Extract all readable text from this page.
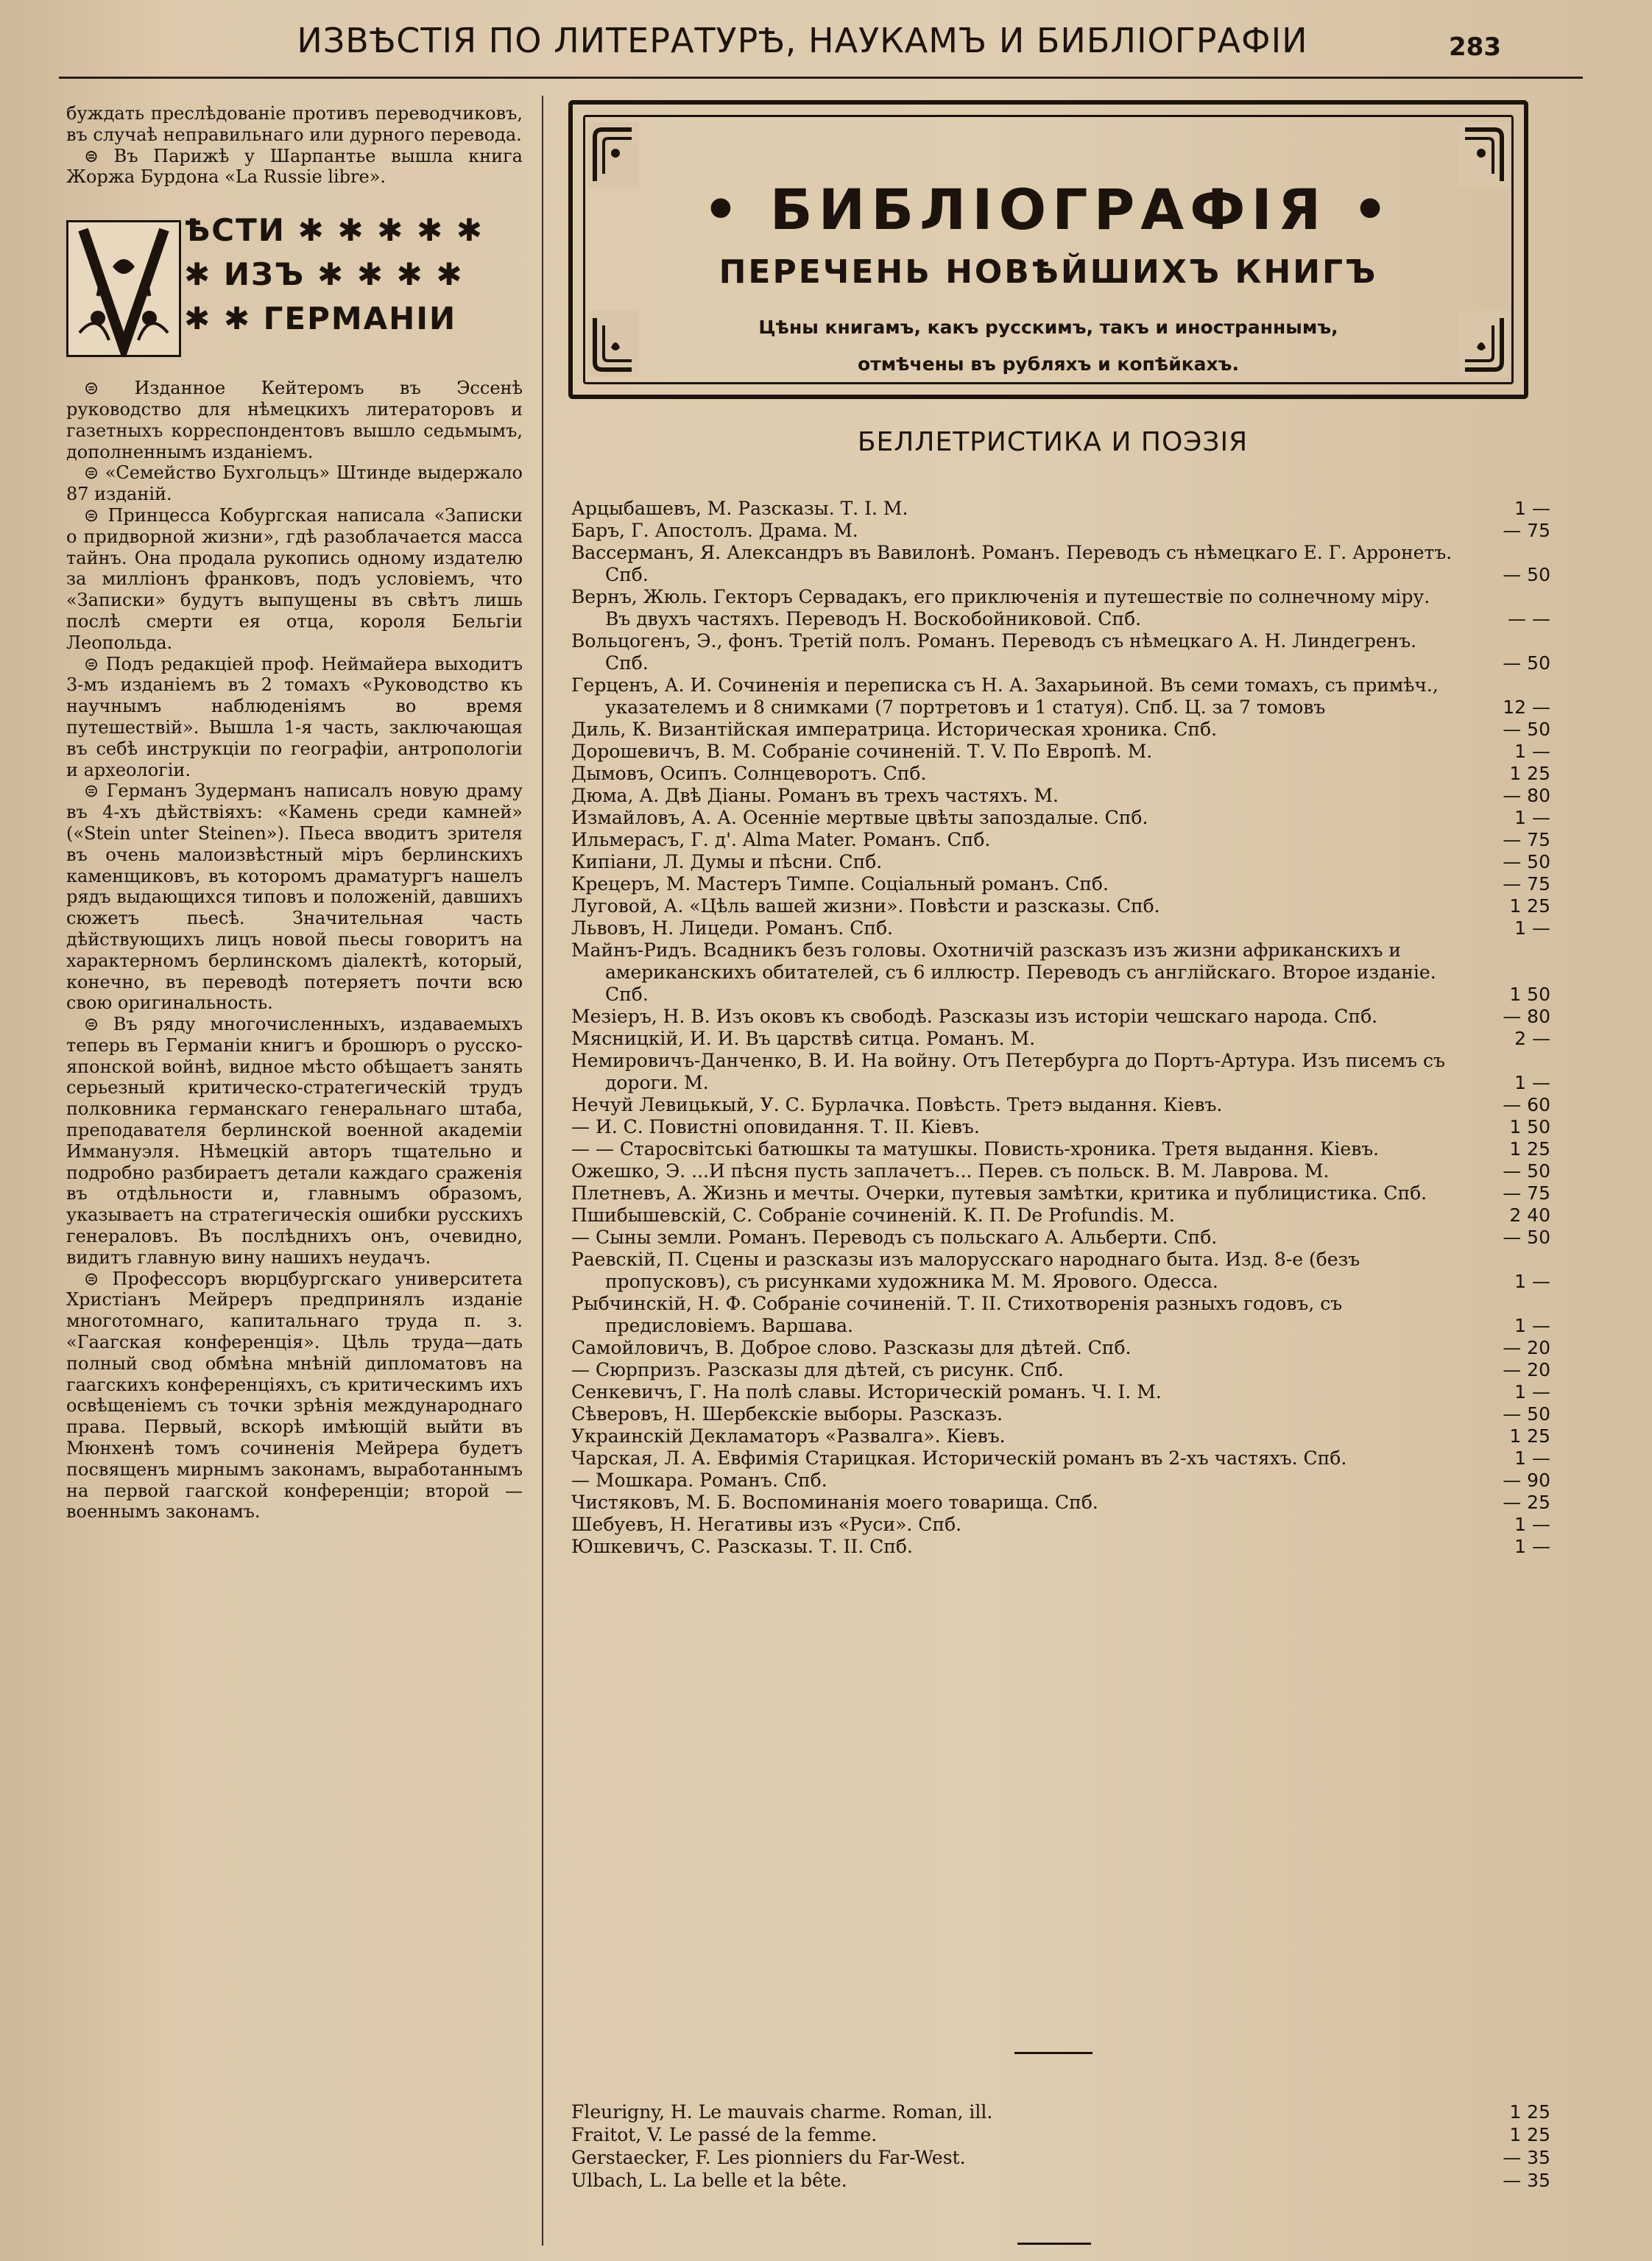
ИЗВѢСТІЯ ПО ЛИТЕРАТУРѢ, НАУКАМЪ И БИБЛІОГРАФІИ	283

буждать преслѣдованіе противъ переводчиковъ, въ случаѣ неправильнаго или дурного перевода.

⊜ Въ Парижѣ у Шарпантье вышла книга Жоржа Бурдона «La Russie libre».

ѢСТИ ✱ ✱ ✱ ✱ ✱
✱ ИЗЪ ✱ ✱ ✱ ✱
✱ ✱ ГЕРМАНІИ

⊜ Изданное Кейтеромъ въ Эссенѣ руководство для нѣмецкихъ литераторовъ и газетныхъ корреспондентовъ вышло седьмымъ, дополненнымъ изданіемъ.

⊜ «Семейство Бухгольцъ» Штинде выдержало 87 изданій.

⊜ Принцесса Кобургская написала «Записки о придворной жизни», гдѣ разоблачается масса тайнъ. Она продала рукопись одному издателю за милліонъ франковъ, подъ условіемъ, что «Записки» будутъ выпущены въ свѣтъ лишь послѣ смерти ея отца, короля Бельгіи Леопольда.

⊜ Подъ редакціей проф. Неймайера выходитъ 3-мъ изданіемъ въ 2 томахъ «Руководство къ научнымъ наблюденіямъ во время путешествій». Вышла 1-я часть, заключающая въ себѣ инструкціи по географіи, антропологіи и археологіи.

⊜ Германъ Зудерманъ написалъ новую драму въ 4-хъ дѣйствіяхъ: «Камень среди камней» («Stein unter Steinen»). Пьеса вводитъ зрителя въ очень малоизвѣстный міръ берлинскихъ каменщиковъ, въ которомъ драматургъ нашелъ рядъ выдающихся типовъ и положеній, давшихъ сюжетъ пьесѣ. Значительная часть дѣйствующихъ лицъ новой пьесы говоритъ на характерномъ берлинскомъ діалектѣ, который, конечно, въ переводѣ потеряетъ почти всю свою оригинальность.

⊜ Въ ряду многочисленныхъ, издаваемыхъ теперь въ Германіи книгъ и брошюръ о русско-японской войнѣ, видное мѣсто обѣщаетъ занять серьезный критическо-стратегическій трудъ полковника германскаго генеральнаго штаба, преподавателя берлинской военной академіи Иммануэля. Нѣмецкій авторъ тщательно и подробно разбираетъ детали каждаго сраженія въ отдѣльности и, главнымъ образомъ, указываетъ на стратегическія ошибки русскихъ генераловъ. Въ послѣднихъ онъ, очевидно, видитъ главную вину нашихъ неудачъ.

⊜ Профессоръ вюрцбургскаго университета Христіанъ Мейреръ предпринялъ изданіе многотомнаго, капитальнаго труда п. з. «Гаагская конференція». Цѣль труда—дать полный свод обмѣна мнѣній дипломатовъ на гаагскихъ конференціяхъ, съ критическимъ ихъ освѣщеніемъ съ точки зрѣнія международнаго права. Первый, вскорѣ имѣющій выйти въ Мюнхенѣ томъ сочиненія Мейрера будетъ посвященъ мирнымъ законамъ, выработаннымъ на первой гаагской конференціи; второй — военнымъ законамъ.

• БИБЛІОГРАФІЯ •
ПЕРЕЧЕНЬ НОВѢЙШИХЪ КНИГЪ
Цѣны книгамъ, какъ русскимъ, такъ и иностраннымъ,
отмѣчены въ рубляхъ и копѣйкахъ.
БЕЛЛЕТРИСТИКА И ПОЭЗІЯ
Арцыбашевъ, М. Разсказы. Т. I. М.	1 —
Баръ, Г. Апостолъ. Драма. М.	— 75
Вассерманъ, Я. Александръ въ Вавилонѣ. Романъ. Переводъ съ нѣмецкаго Е. Г. Арронетъ. Спб.	— 50
Вернъ, Жюль. Гекторъ Сервадакъ, его приключенія и путешествіе по солнечному міру. Въ двухъ частяхъ. Переводъ Н. Воскобойниковой. Спб.	— —
Вольцогенъ, Э., фонъ. Третій полъ. Романъ. Переводъ съ нѣмецкаго А. Н. Линдегренъ. Спб.	— 50
Герценъ, А. И. Сочиненія и переписка съ Н. А. Захарьиной. Въ семи томахъ, съ примѣч., указателемъ и 8 снимками (7 портретовъ и 1 статуя). Спб. Ц. за 7 томовъ	12 —
Диль, К. Византійская императрица. Историческая хроника. Спб.	— 50
Дорошевичъ, В. М. Собраніе сочиненій. Т. V. По Европѣ. М.	1 —
Дымовъ, Осипъ. Солнцеворотъ. Спб.	1 25
Дюма, А. Двѣ Діаны. Романъ въ трехъ частяхъ. М.	— 80
Измайловъ, А. А. Осеннiе мертвые цвѣты запоздалые. Спб.	1 —
Ильмерасъ, Г. д'. Alma Mater. Романъ. Спб.	— 75
Кипіани, Л. Думы и пѣсни. Спб.	— 50
Крецеръ, М. Мастеръ Тимпе. Соціальный романъ. Спб.	— 75
Луговой, А. «Цѣль вашей жизни». Повѣсти и разсказы. Спб.	1 25
Львовъ, Н. Лицеди. Романъ. Спб.	1 —
Майнъ-Ридъ. Всадникъ безъ головы. Охотничій разсказъ изъ жизни африканскихъ и американскихъ обитателей, съ 6 иллюстр. Переводъ съ англійскаго. Второе изданіе. Спб.	1 50
Мезіеръ, Н. В. Изъ оковъ къ свободѣ. Разсказы изъ исторіи чешскаго народа. Спб.	— 80
Мясницкій, И. И. Въ царствѣ ситца. Романъ. М.	2 —
Немировичъ-Данченко, В. И. На войну. Отъ Петербурга до Портъ-Артура. Изъ писемъ съ дороги. М.	1 —
Нечуй Левицькый, У. С. Бурлачка. Повѣсть. Третэ выдання. Кіевъ.	— 60
— И. С. Повистні оповидання. Т. II. Кіевъ.	1 50
— — Старосвiтськi батюшкы та матушкы. Повисть-хроника. Третя выдання. Кіевъ.	1 25
Ожешко, Э. ...И пѣсня пусть заплачетъ... Перев. съ польск. В. М. Лаврова. М.	— 50
Плетневъ, А. Жизнь и мечты. Очерки, путевыя замѣтки, критика и публицистика. Спб.	— 75
Пшибышевскій, С. Собраніе сочиненій. К. П. De Profundis. М.	2 40
— Сыны земли. Романъ. Переводъ съ польскаго А. Альберти. Спб.	— 50
Раевскій, П. Сцены и разсказы изъ малорусскаго народнаго быта. Изд. 8-е (безъ пропусковъ), съ рисунками художника М. М. Ярового. Одесса.	1 —
Рыбчинскій, Н. Ф. Собраніе сочиненій. Т. II. Стихотворенія разныхъ годовъ, съ предисловіемъ. Варшава.	1 —
Самойловичъ, В. Доброе слово. Разсказы для дѣтей. Спб.	— 20
— Сюрпризъ. Разсказы для дѣтей, съ рисунк. Спб.	— 20
Сенкевичъ, Г. На полѣ славы. Историческій романъ. Ч. I. М.	1 —
Сѣверовъ, Н. Шербекскіе выборы. Разсказъ.	— 50
Украинскій Декламаторъ «Развалга». Кіевъ.	1 25
Чарская, Л. А. Евфимія Старицкая. Историческій романъ въ 2-хъ частяхъ. Спб.	1 —
— Мошкара. Романъ. Спб.	— 90
Чистяковъ, М. Б. Воспоминанія моего товарища. Спб.	— 25
Шебуевъ, Н. Негативы изъ «Руси». Спб.	1 —
Юшкевичъ, С. Разсказы. Т. II. Спб.	1 —
Fleurigny, H. Le mauvais charme. Roman, ill.	1 25
Fraitot, V. Le passé de la femme.	1 25
Gerstaecker, F. Les pionniers du Far-West.	— 35
Ulbach, L. La belle et la bête.	— 35
